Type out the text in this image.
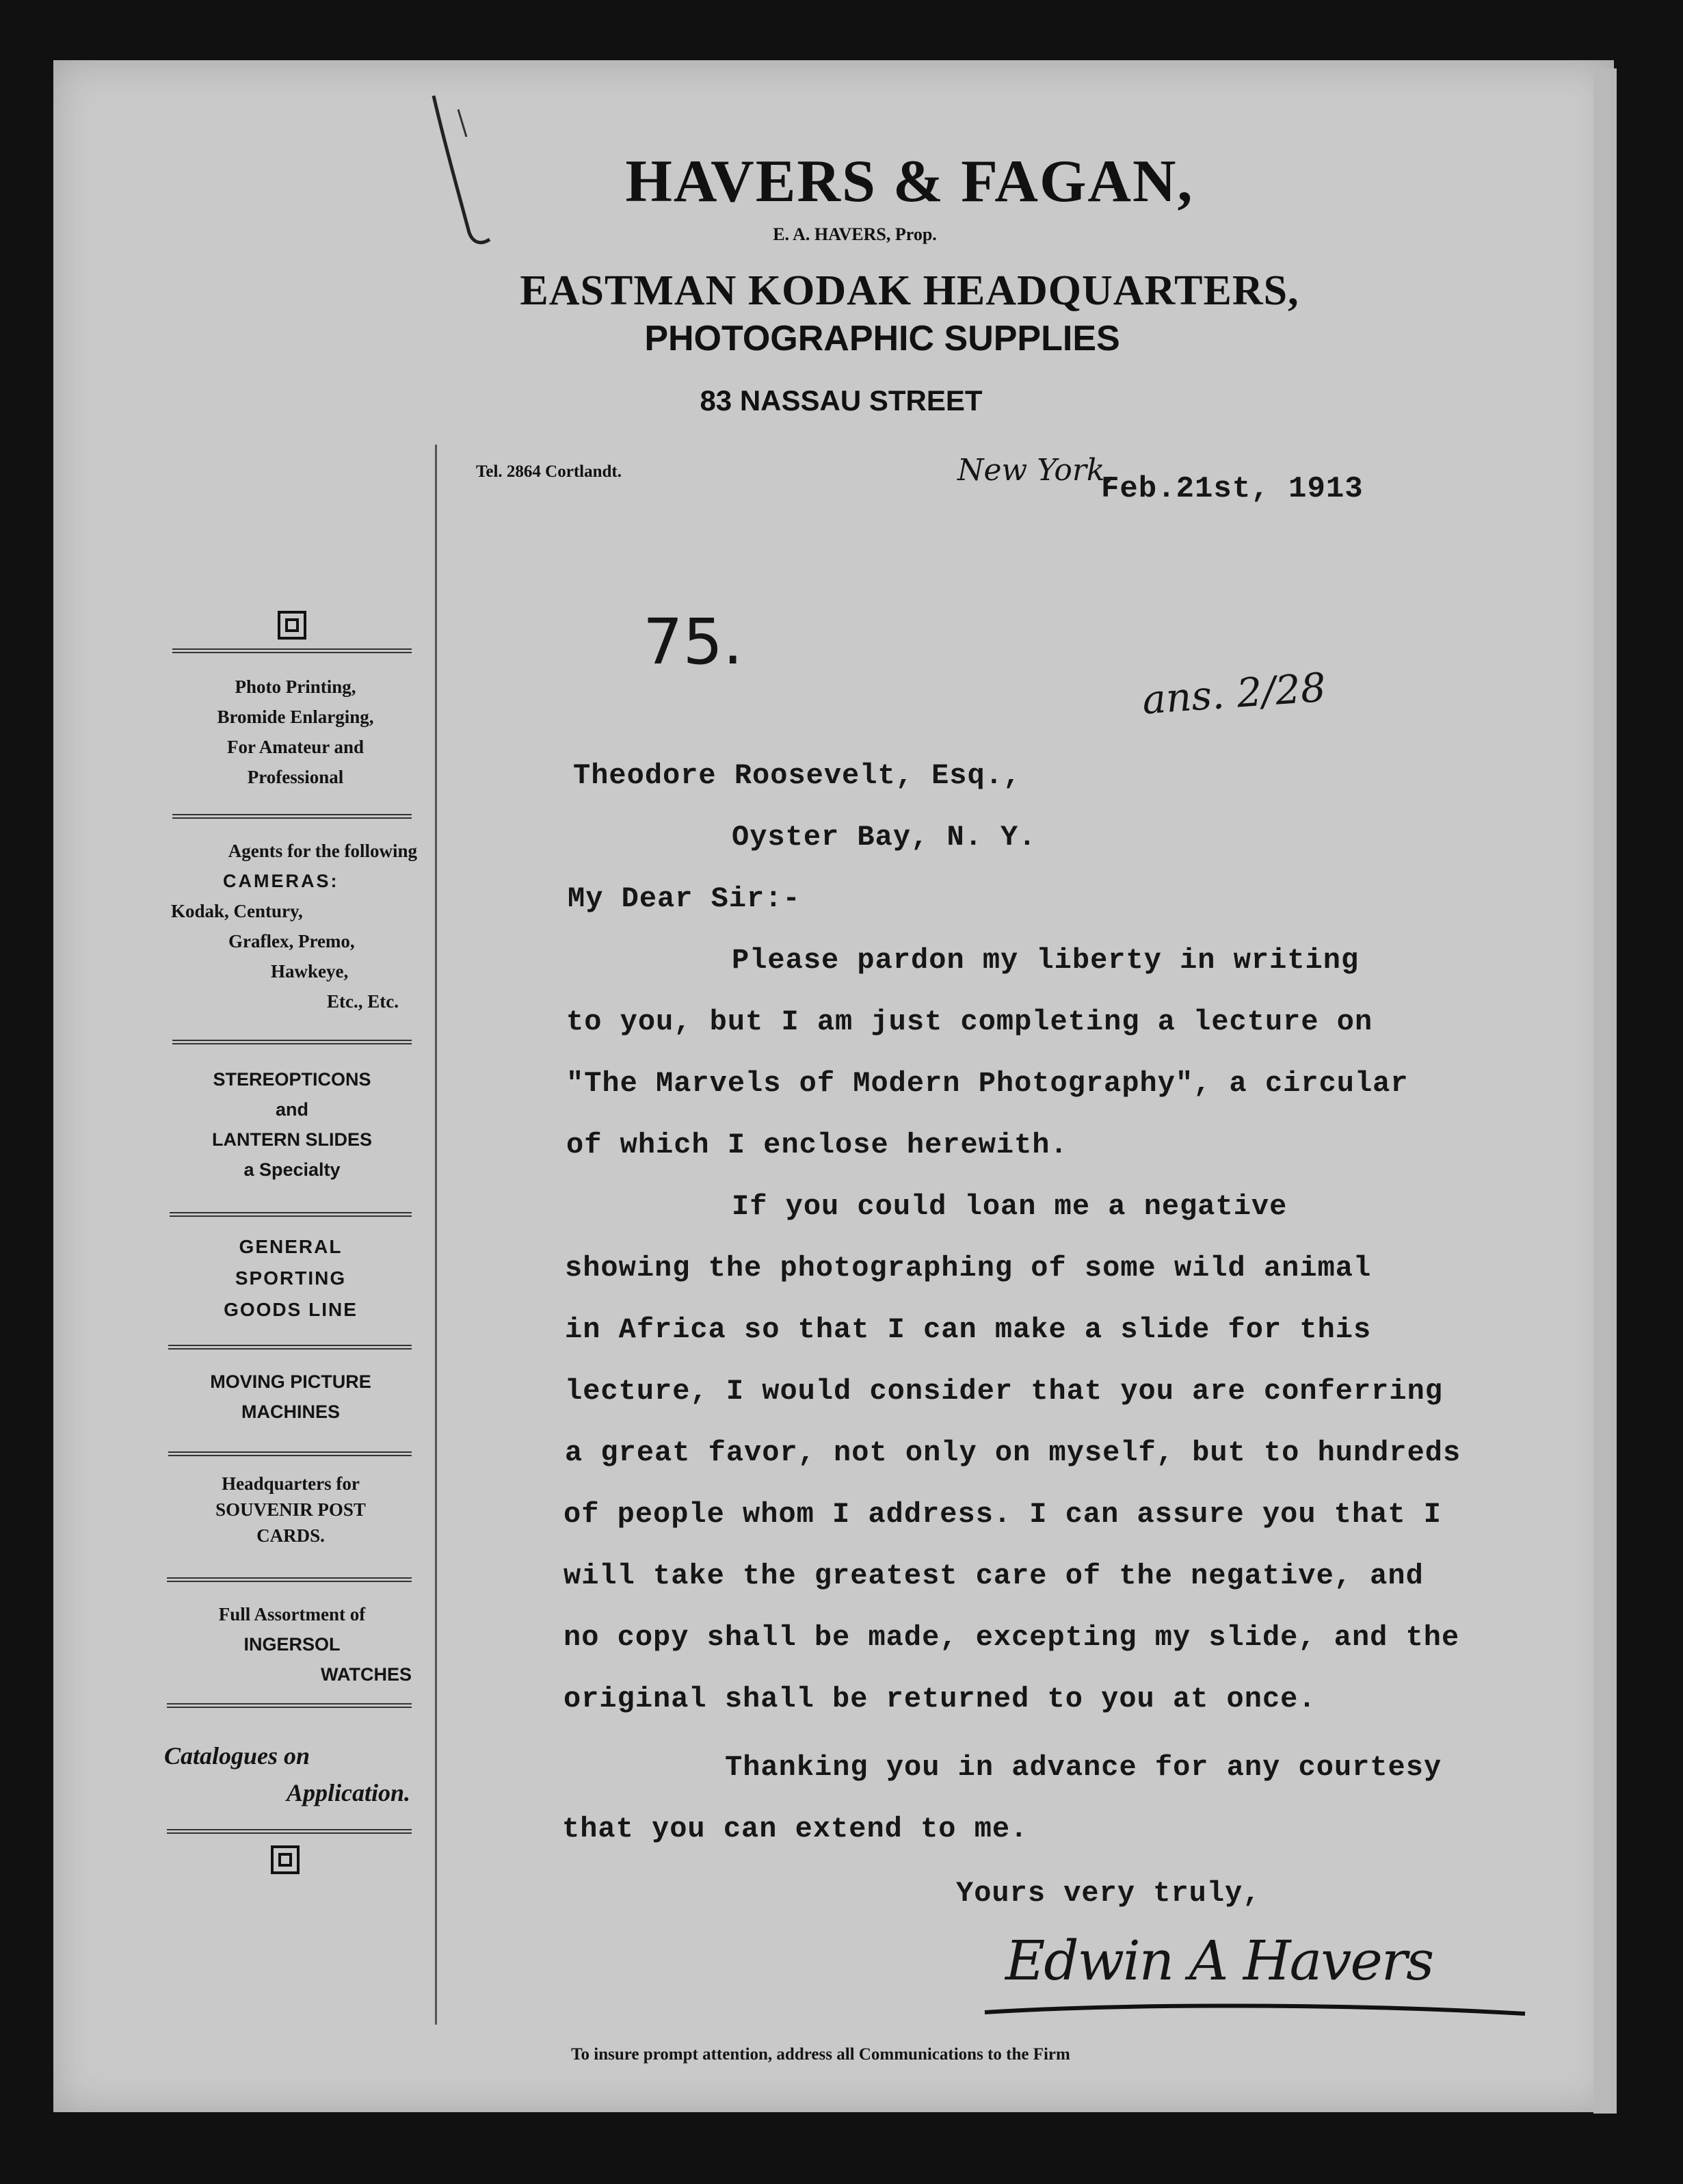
HAVERS & FAGAN,
E. A. HAVERS, Prop.
EASTMAN KODAK HEADQUARTERS,
PHOTOGRAPHIC SUPPLIES
83 NASSAU STREET
Tel. 2864 Cortlandt.	New York,
Feb.21st, 1913
75.
ans. 2/28
Photo Printing,
Bromide Enlarging,
For Amateur and
Professional
Agents for the following
CAMERAS:
Kodak, Century,
Graflex, Premo,
Hawkeye,
Etc., Etc.
STEREOPTICONS
and
LANTERN SLIDES
a Specialty
GENERAL
SPORTING
GOODS LINE
MOVING PICTURE
MACHINES
Headquarters for
SOUVENIR POST
CARDS.
Full Assortment of
INGERSOL
WATCHES
Catalogues on
Application.
Theodore Roosevelt, Esq.,
Oyster Bay, N. Y.
My Dear Sir:-
Please pardon my liberty in writing
to you, but I am just completing a lecture on
"The Marvels of Modern Photography", a circular
of which I enclose herewith.
If you could loan me a negative
showing the photographing of some wild animal
in Africa so that I can make a slide for this
lecture, I would consider that you are conferring
a great favor, not only on myself, but to hundreds
of people whom I address. I can assure you that I
will take the greatest care of the negative, and
no copy shall be made, excepting my slide, and the
original shall be returned to you at once.
Thanking you in advance for any courtesy
that you can extend to me.
Yours very truly,
Edwin A Havers
To insure prompt attention, address all Communications to the Firm
